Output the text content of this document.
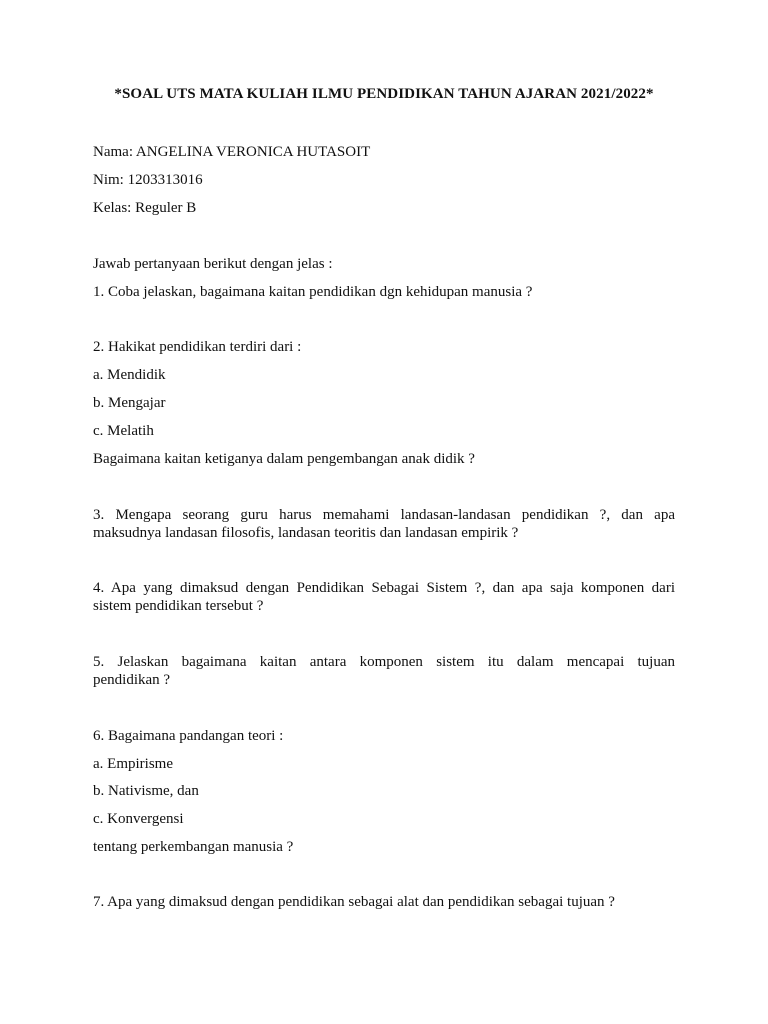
*SOAL UTS MATA KULIAH ILMU PENDIDIKAN TAHUN AJARAN 2021/2022*
Nama: ANGELINA VERONICA HUTASOIT
Nim: 1203313016
Kelas: Reguler B
Jawab pertanyaan berikut dengan jelas :
1. Coba jelaskan, bagaimana kaitan pendidikan dgn kehidupan manusia ?
2. Hakikat pendidikan terdiri dari :
a. Mendidik
b. Mengajar
c. Melatih
Bagaimana kaitan ketiganya dalam pengembangan anak didik ?
3. Mengapa seorang guru harus memahami landasan-landasan pendidikan ?, dan apa
maksudnya landasan filosofis, landasan teoritis dan landasan empirik ?
4. Apa yang dimaksud dengan Pendidikan Sebagai Sistem ?, dan apa saja komponen dari
sistem pendidikan tersebut ?
5. Jelaskan bagaimana kaitan antara komponen sistem itu dalam mencapai tujuan
pendidikan ?
6. Bagaimana pandangan teori :
a. Empirisme
b. Nativisme, dan
c. Konvergensi
tentang perkembangan manusia ?
7. Apa yang dimaksud dengan pendidikan sebagai alat dan pendidikan sebagai tujuan ?
